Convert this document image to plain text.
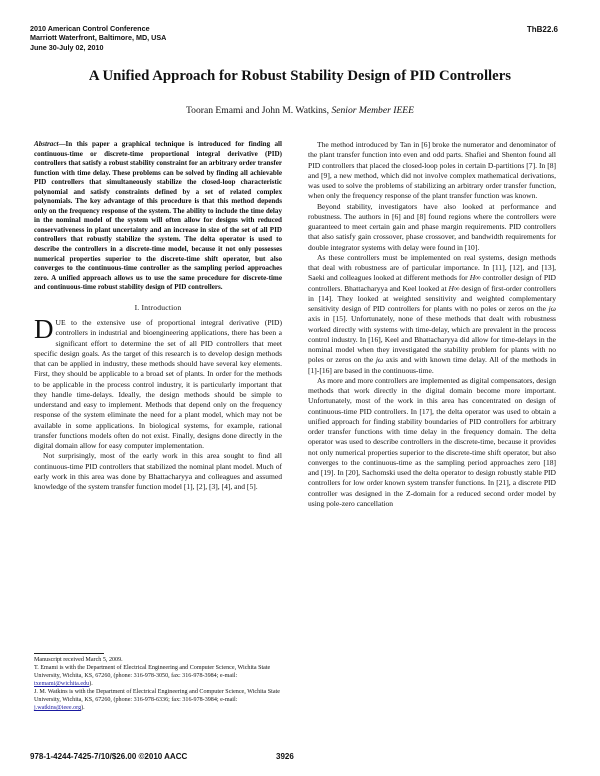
2010 American Control Conference
Marriott Waterfront, Baltimore, MD, USA
June 30-July 02, 2010
ThB22.6
A Unified Approach for Robust Stability Design of PID Controllers
Tooran Emami and John M. Watkins, Senior Member IEEE

Abstract—In this paper a graphical technique is introduced for finding all continuous-time or discrete-time proportional integral derivative (PID) controllers that satisfy a robust stability constraint for an arbitrary order transfer function with time delay. These problems can be solved by finding all achievable PID controllers that simultaneously stabilize the closed-loop characteristic polynomial and satisfy constraints defined by a set of related complex polynomials. The key advantage of this procedure is that this method depends only on the frequency response of the system. The ability to include the time delay in the nominal model of the system will often allow for designs with reduced conservativeness in plant uncertainty and an increase in size of the set of all PID controllers that robustly stabilize the system. The delta operator is used to describe the controllers in a discrete-time model, because it not only possesses numerical properties superior to the discrete-time shift operator, but also converges to the continuous-time controller as the sampling period approaches zero. A unified approach allows us to use the same procedure for discrete-time and continuous-time robust stability design of PID controllers.

I. Introduction

DUE to the extensive use of proportional integral derivative (PID) controllers in industrial and bioengineering applications, there has been a significant effort to determine the set of all PID controllers that meet specific design goals. As the target of this research is to develop design methods that can be applied in industry, these methods should have several key elements. First, they should be applicable to a broad set of plants. In order for the methods to be applicable in the process control industry, it is particularly important that they handle time-delays. Ideally, the design methods should be simple to understand and easy to implement. Methods that depend only on the frequency response of the system eliminate the need for a plant model, which may not be available in some applications. In biological systems, for example, rational transfer functions models often do not exist. Finally, designs done directly in the digital domain allow for easy computer implementation.

Not surprisingly, most of the early work in this area sought to find all continuous-time PID controllers that stabilized the nominal plant model. Much of early work in this area was done by Bhattacharyya and colleagues and assumed knowledge of the system transfer function model [1], [2], [3], [4], and [5].

The method introduced by Tan in [6] broke the numerator and denominator of the plant transfer function into even and odd parts. Shafiei and Shenton found all PID controllers that placed the closed-loop poles in certain D-partitions [7]. In [8] and [9], a new method, which did not involve complex mathematical derivations, was used to solve the problems of stabilizing an arbitrary order transfer function, when only the frequency response of the plant transfer function was known.

Beyond stability, investigators have also looked at performance and robustness. The authors in [6] and [8] found regions where the controllers were guaranteed to meet certain gain and phase margin requirements. PID controllers that also satisfy gain crossover, phase crossover, and bandwidth requirements for double integrator systems with delay were found in [10].

As these controllers must be implemented on real systems, design methods that deal with robustness are of particular importance. In [11], [12], and [13], Saeki and colleagues looked at different methods for H∞ controller design of PID controllers. Bhattacharyya and Keel looked at H∞ design of first-order controllers in [14]. They looked at weighted sensitivity and weighted complementary sensitivity design of PID controllers for plants with no poles or zeros on the jω axis in [15]. Unfortunately, none of these methods that dealt with robustness worked directly with systems with time-delay, which are prevalent in the process control industry. In [16], Keel and Bhattacharyya did allow for time-delays in the nominal model when they investigated the stability problem for plants with no poles or zeros on the jω axis and with known time delay. All of the methods in [1]-[16] are based in the continuous-time.

As more and more controllers are implemented as digital compensators, design methods that work directly in the digital domain become more important. Unfortunately, most of the work in this area has concentrated on design of continuous-time PID controllers. In [17], the delta operator was used to obtain a unified approach for finding stability boundaries of PID controllers for arbitrary order transfer functions with time delay in the frequency domain. The delta operator was used to describe controllers in the discrete-time, because it provides not only numerical properties superior to the discrete-time shift operator, but also converges to the continuous-time as the sampling period approaches zero [18] and [19]. In [20], Sachomski used the delta operator to design robustly stable PID controllers for low order known system transfer functions. In [21], a discrete PID controller was designed in the Z-domain for a reduced second order model by using pole-zero cancellation

Manuscript received March 5, 2009.
T. Emami is with the Department of Electrical Engineering and Computer Science, Wichita State University, Wichita, KS, 67260, (phone: 316-978-3050, fax: 316-978-3984; e-mail: txemami@wichita.edu).
J. M. Watkins is with the Department of Electrical Engineering and Computer Science, Wichita State University, Wichita, KS, 67260, (phone: 316-978-6336; fax: 316-978-3984; e-mail: j.watkins@ieee.org).
978-1-4244-7425-7/10/$26.00 ©2010 AACC	3926
